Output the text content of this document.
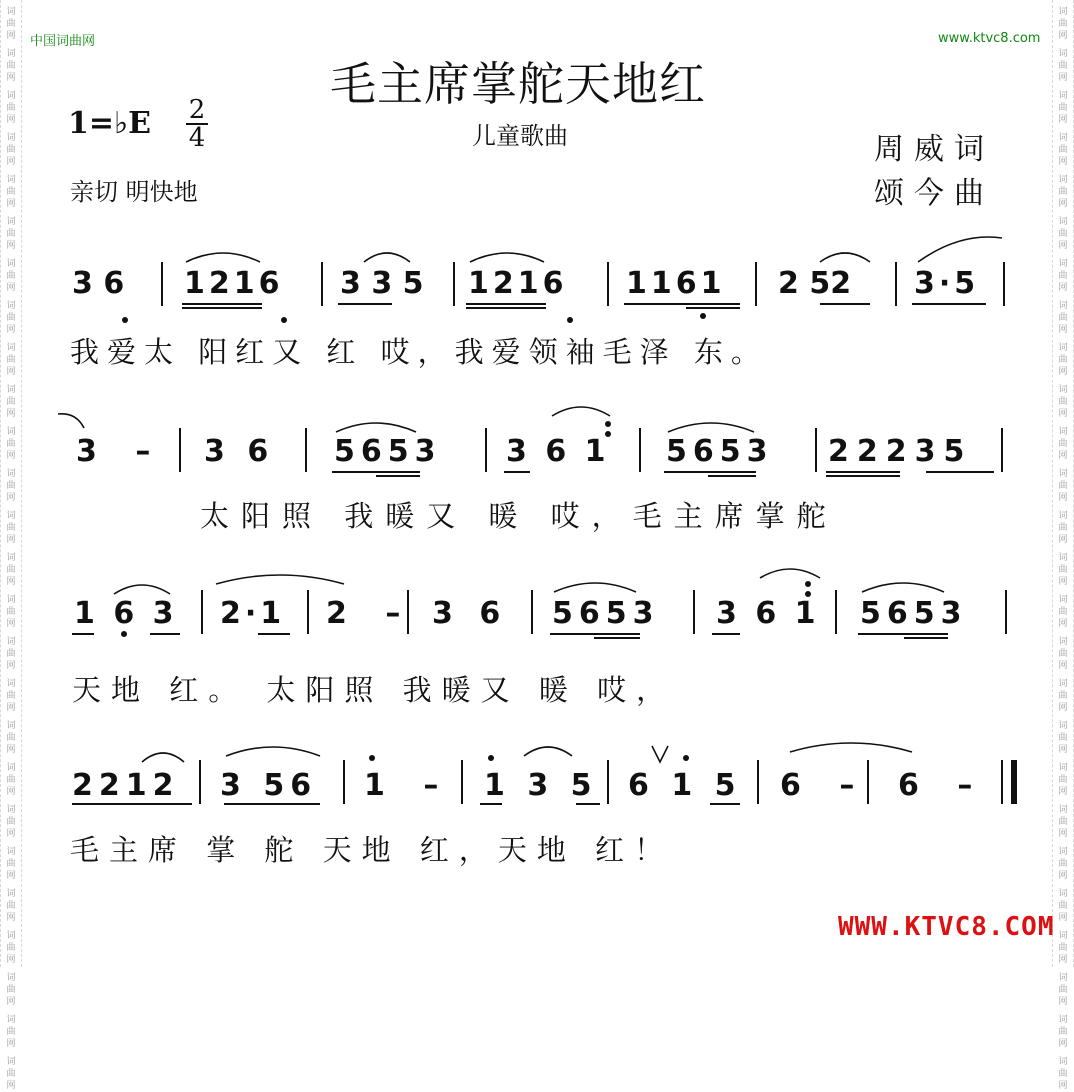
词
曲
网
词
曲
网
词
曲
网
词
曲
网
词
曲
网
词
曲
网
词
曲
网
词
曲
网
词
曲
网
词
曲
网
词
曲
网
词
曲
网
词
曲
网
词
曲
网
词
曲
网
词
曲
网
词
曲
网
词
曲
网
词
曲
网
词
曲
网
词
曲
网
词
曲
网
词
曲
网
词
曲
网
词
曲
网
词
曲
网
词
曲
网
词
曲
网
词
曲
网
词
曲
网
词
曲
网
词
曲
网
词
曲
网
词
曲
网
词
曲
网
词
曲
网
词
曲
网
词
曲
网
词
曲
网
词
曲
网
词
曲
网
词
曲
网
词
曲
网
词
曲
网
词
曲
网
词
曲
网
词
曲
网
词
曲
网
词
曲
网
词
曲
网
词
曲
网
词
曲
网
中国词曲网	www.ktvc8.com
毛主席掌舵天地红
1=♭E 2
4	儿童歌曲	周威词
颂今曲
亲切 明快地
3 6 1216 3 3 5 1216 1161 2 52 3·5
我爱太 阳红又 红 哎，我爱领袖毛泽 东。
3 – 3 6 5653 3 6 1 5653 22235
太阳照 我暖又 暖 哎，毛主席掌舵
1 6 3 2·1 2 – 3 6 5653 3 6 1 5653
天地 红。 太阳照 我暖又 暖 哎，
2212 3 56 1 – 1 3 5 6 1 5 6 – 6 –
毛主席 掌 舵 天地 红，天地 红！
WWW.KTVC8.COM
